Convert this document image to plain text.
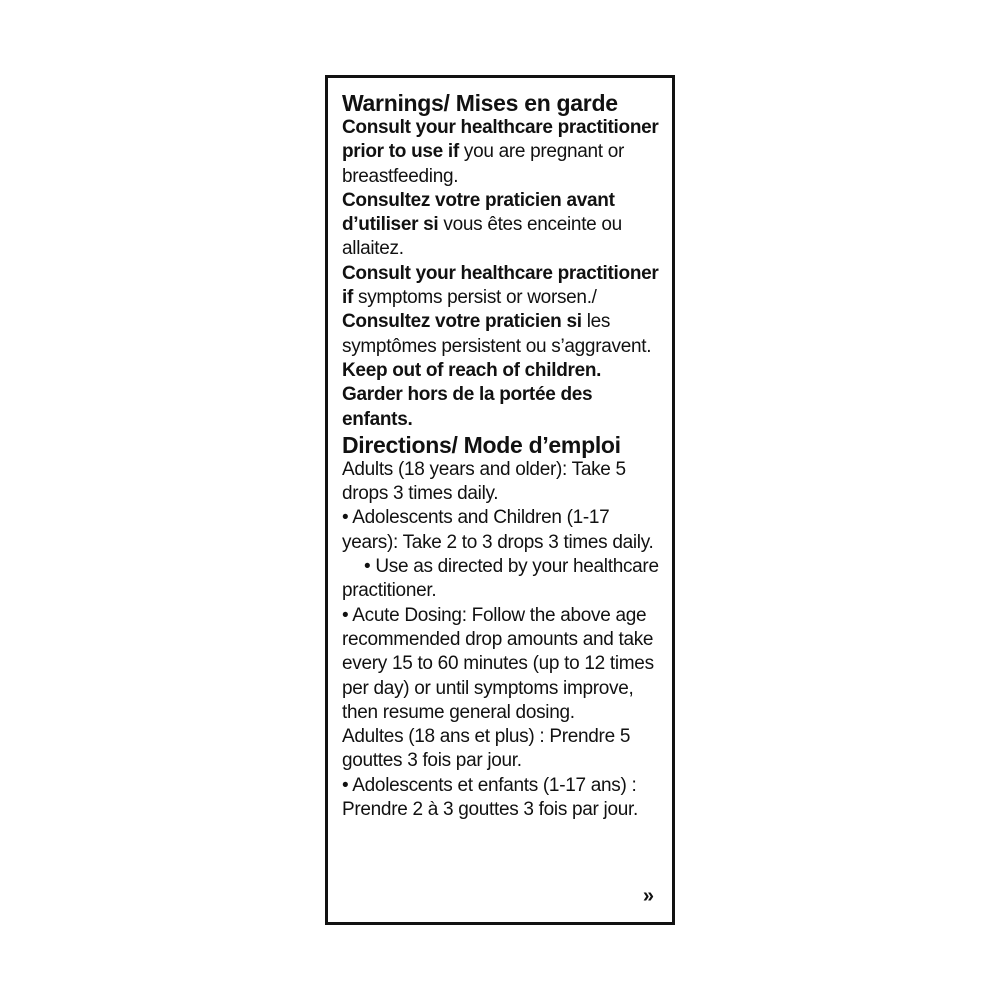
Warnings/ Mises en garde

Consult your healthcare practitioner prior to use if you are pregnant or breastfeeding.

Consultez votre praticien avant d’utiliser si vous êtes enceinte ou allaitez.

Consult your healthcare practitioner if symptoms persist or worsen./ Consultez votre praticien si les symptômes persistent ou s’aggravent.

Keep out of reach of children.

Garder hors de la portée des enfants.

Directions/ Mode d’emploi

Adults (18 years and older): Take 5 drops 3 times daily.

• Adolescents and Children (1-17 years): Take 2 to 3 drops 3 times daily.• Use as directed by your healthcare practitioner.

• Acute Dosing: Follow the above age recommended drop amounts and take every 15 to 60 minutes (up to 12 times per day) or until symptoms improve, then resume general dosing.

Adultes (18 ans et plus) : Prendre 5 gouttes 3 fois par jour.

• Adolescents et enfants (1-17 ans) : Prendre 2 à 3 gouttes 3 fois par jour.

»
